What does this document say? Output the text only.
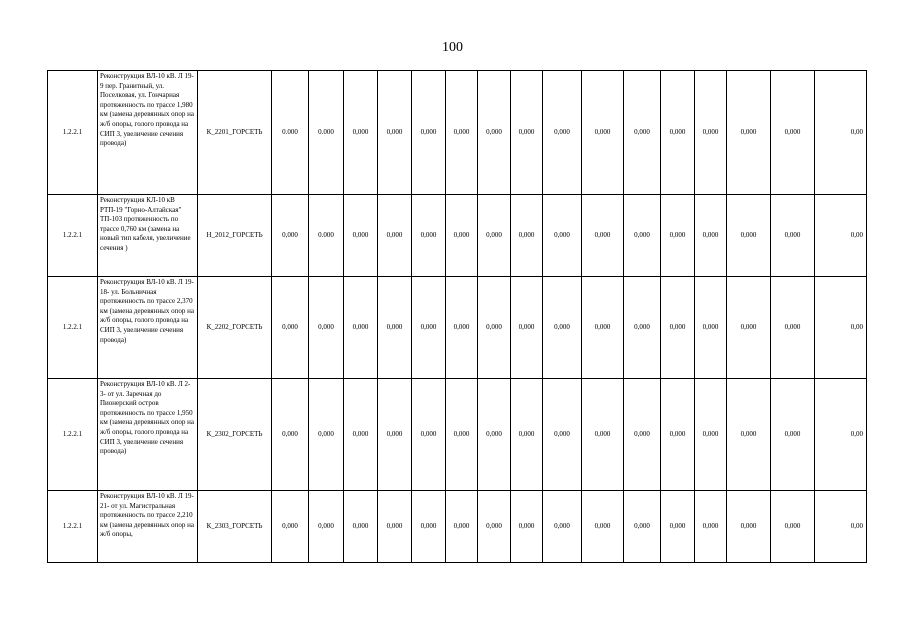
100
1.2.2.1	Реконструкция ВЛ-10 кВ. Л 19-9 пер. Гранитный, ул. Поселковая, ул. Гончарная протяженность по трассе 1,980 км (замена деревянных опор на ж/б опоры, голого провода на СИП 3, увеличение сечения провода)	К_2201_ГОРСЕТЬ	0.000	0.000	0,000	0,000	0,000	0,000	0,000	0,000	0,000	0,000	0,000	0,000	0,000	0,000	0,000	0,00
1.2.2.1	Реконструкция КЛ-10 кВ РТП-19 "Горно-Алтайская" ТП-103 протяженность по трассе 0,760 км (замена на новый тип кабеля, увеличение сечения )	Н_2012_ГОРСЕТЬ	0,000	0.000	0,000	0,000	0,000	0,000	0,000	0,000	0,000	0,000	0,000	0,000	0,000	0,000	0,000	0,00
1.2.2.1	Реконструкция ВЛ-10 кВ. Л 19-18- ул. Больничная протяженность по трассе 2,370 км (замена деревянных опор на ж/б опоры, голого провода на СИП 3, увеличение сечения провода)	К_2202_ГОРСЕТЬ	0,000	0,000	0,000	0,000	0,000	0,000	0,000	0,000	0,000	0,000	0,000	0,000	0,000	0,000	0,000	0,00
1.2.2.1	Реконструкция ВЛ-10 кВ. Л 2-3- от ул. Заречная до Пионерский остров протяженность по трассе 1,950 км (замена деревянных опор на ж/б опоры, голого провода на СИП 3, увеличение сечения провода)	К_2302_ГОРСЕТЬ	0,000	0,000	0,000	0,000	0,000	0,000	0,000	0,000	0,000	0,000	0,000	0,000	0,000	0,000	0,000	0,00
1.2.2.1	Реконструкция ВЛ-10 кВ. Л 19-21- от ул. Магистральная протяженность по трассе 2,210 км (замена деревянных опор на ж/б опоры,	К_2303_ГОРСЕТЬ	0,000	0,000	0,000	0,000	0,000	0,000	0,000	0,000	0,000	0,000	0,000	0,000	0,000	0,000	0,000	0,00
